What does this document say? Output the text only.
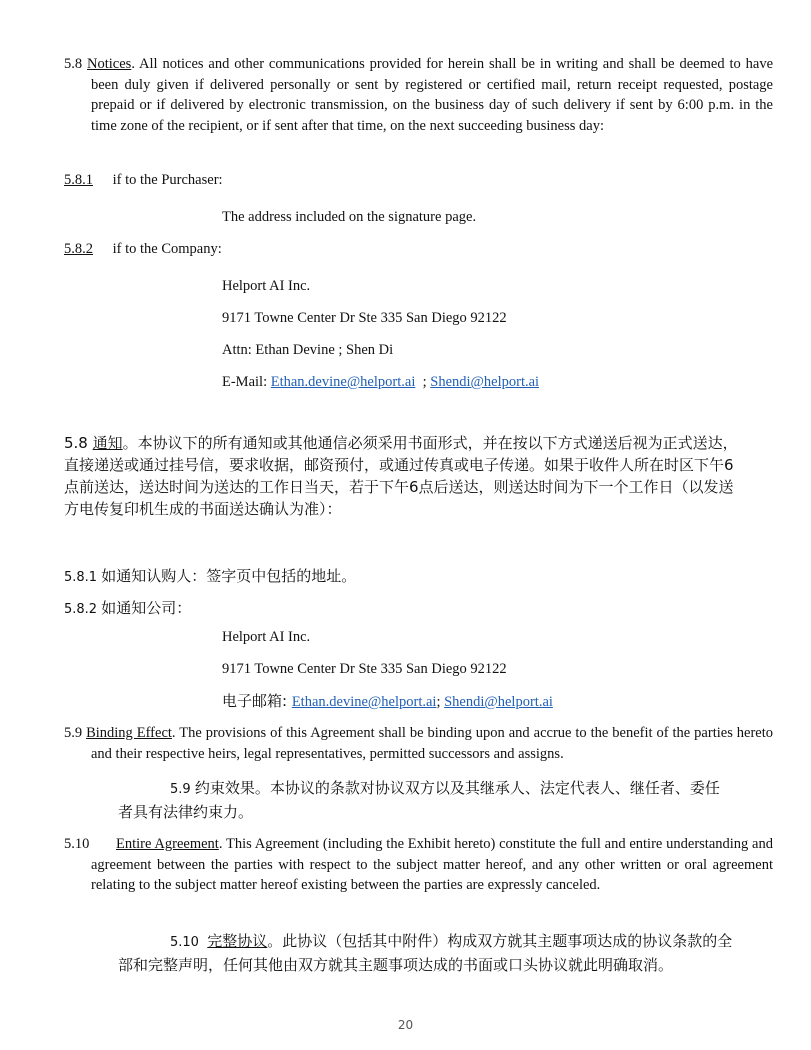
5.8 Notices. All notices and other communications provided for herein shall be in writing and shall be deemed to have been duly given if delivered personally or sent by registered or certified mail, return receipt requested, postage prepaid or if delivered by electronic transmission, on the business day of such delivery if sent by 6:00 p.m. in the time zone of the recipient, or if sent after that time, on the next succeeding business day:
5.8.1 if to the Purchaser:
The address included on the signature page.
5.8.2 if to the Company:
Helport AI Inc.
9171 Towne Center Dr Ste 335 San Diego 92122
Attn: Ethan Devine ; Shen Di
E-Mail: Ethan.devine@helport.ai  ; Shendi@helport.ai
5.8 通知。本协议下的所有通知或其他通信必须采用书面形式，并在按以下方式递送后视为正式送达，直接递送或通过挂号信，要求收据，邮资预付，或通过传真或电子传递。如果于收件人所在时区下午6点前送达，送达时间为送达的工作日当天，若于下午6点后送达，则送达时间为下一个工作日（以发送方电传复印机生成的书面送达确认为准）：
5.8.1 如通知认购人：签字页中包括的地址。
5.8.2 如通知公司：
Helport AI Inc.
9171 Towne Center Dr Ste 335 San Diego 92122
电子邮箱: Ethan.devine@helport.ai; Shendi@helport.ai
5.9 Binding Effect. The provisions of this Agreement shall be binding upon and accrue to the benefit of the parties hereto and their respective heirs, legal representatives, permitted successors and assigns.
5.9 约束效果。本协议的条款对协议双方以及其继承人、法定代表人、继任者、委任者具有法律约束力。
5.10 Entire Agreement. This Agreement (including the Exhibit hereto) constitute the full and entire understanding and agreement between the parties with respect to the subject matter hereof, and any other written or oral agreement relating to the subject matter hereof existing between the parties are expressly canceled.
5.10  完整协议。此协议（包括其中附件）构成双方就其主题事项达成的协议条款的全部和完整声明，任何其他由双方就其主题事项达成的书面或口头协议就此明确取消。
20
